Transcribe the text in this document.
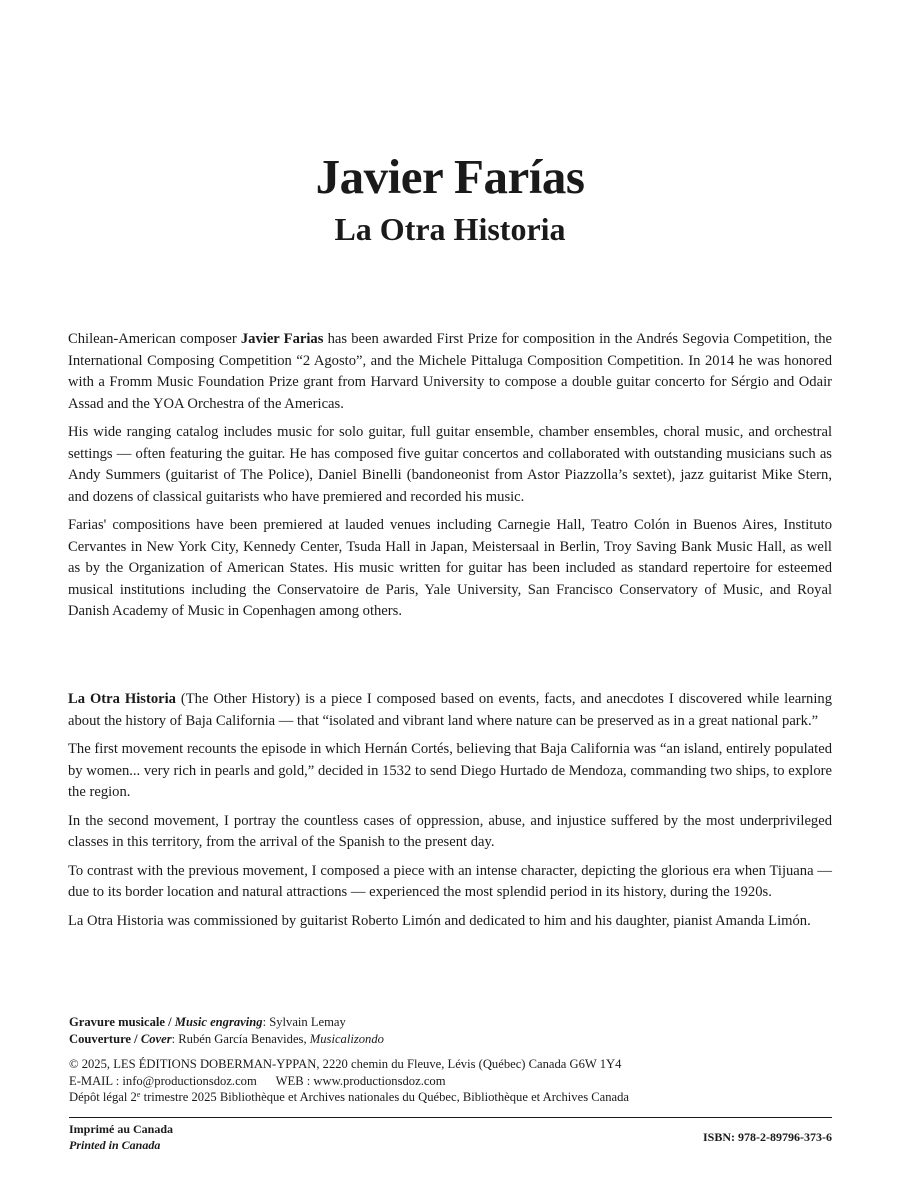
Javier Farías
La Otra Historia

Chilean-American composer Javier Farias has been awarded First Prize for composition in the Andrés Segovia Competition, the International Composing Competition “2 Agosto”, and the Michele Pittaluga Composition Competition. In 2014 he was honored with a Fromm Music Foundation Prize grant from Harvard University to compose a double guitar concerto for Sérgio and Odair Assad and the YOA Orchestra of the Americas.

His wide ranging catalog includes music for solo guitar, full guitar ensemble, chamber ensembles, choral music, and orchestral settings — often featuring the guitar. He has composed five guitar concertos and collaborated with outstanding musicians such as Andy Summers (guitarist of The Police), Daniel Binelli (bandoneonist from Astor Piazzolla’s sextet), jazz guitarist Mike Stern, and dozens of classical guitarists who have premiered and recorded his music.

Farias' compositions have been premiered at lauded venues including Carnegie Hall, Teatro Colón in Buenos Aires, Instituto Cervantes in New York City, Kennedy Center, Tsuda Hall in Japan, Meistersaal in Berlin, Troy Saving Bank Music Hall, as well as by the Organization of American States. His music written for guitar has been included as standard repertoire for esteemed musical institutions including the Conservatoire de Paris, Yale University, San Francisco Conservatory of Music, and Royal Danish Academy of Music in Copenhagen among others.

La Otra Historia (The Other History) is a piece I composed based on events, facts, and anecdotes I discovered while learning about the history of Baja California — that “isolated and vibrant land where nature can be preserved as in a great national park.”

The first movement recounts the episode in which Hernán Cortés, believing that Baja California was “an island, entirely populated by women... very rich in pearls and gold,” decided in 1532 to send Diego Hurtado de Mendoza, commanding two ships, to explore the region.

In the second movement, I portray the countless cases of oppression, abuse, and injustice suffered by the most underprivileged classes in this territory, from the arrival of the Spanish to the present day.

To contrast with the previous movement, I composed a piece with an intense character, depicting the glorious era when Tijuana — due to its border location and natural attractions — experienced the most splendid period in its history, during the 1920s.

La Otra Historia was commissioned by guitarist Roberto Limón and dedicated to him and his daughter, pianist Amanda Limón.

Gravure musicale / Music engraving: Sylvain Lemay
Couverture / Cover: Rubén García Benavides, Musicalizondo
© 2025, LES ÉDITIONS DOBERMAN-YPPAN, 2220 chemin du Fleuve, Lévis (Québec) Canada G6W 1Y4
E-MAIL : info@productionsdoz.com WEB : www.productionsdoz.com
Dépôt légal 2e trimestre 2025 Bibliothèque et Archives nationales du Québec, Bibliothèque et Archives Canada
Imprimé au Canada
Printed in Canada
ISBN: 978-2-89796-373-6
